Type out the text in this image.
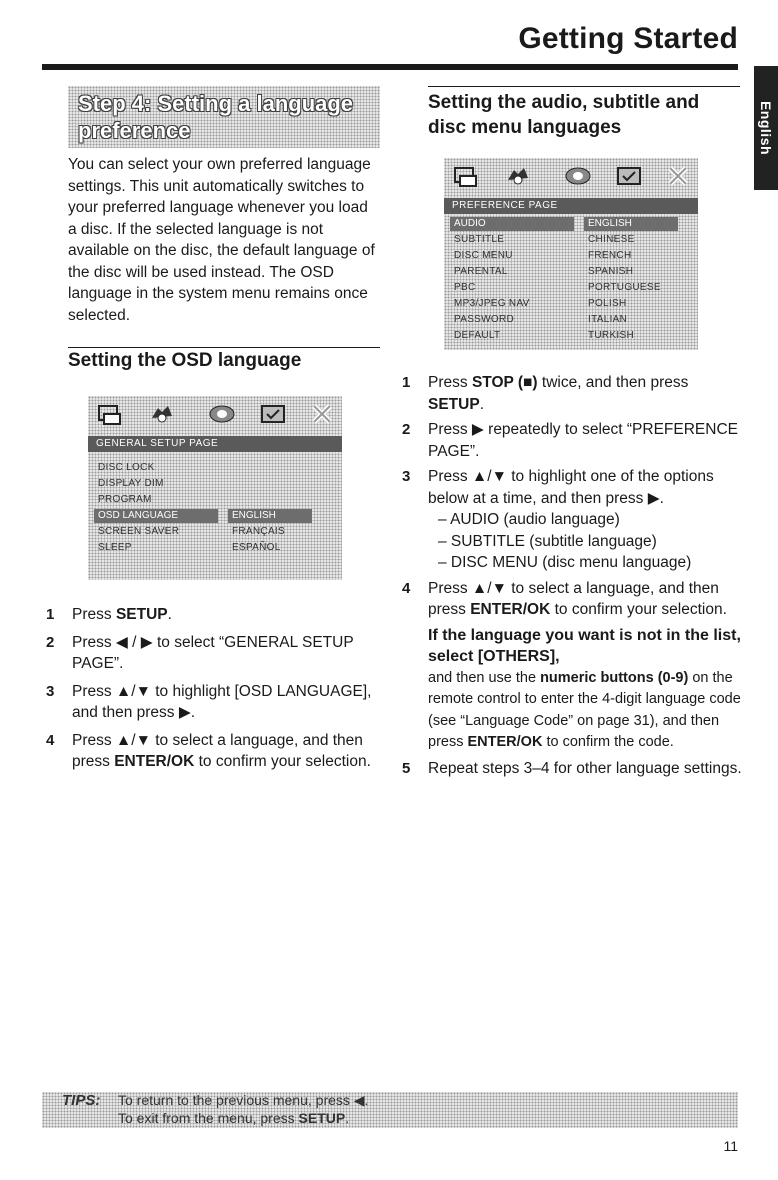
Getting Started
English
Step 4: Setting a language preference
You can select your own preferred language settings. This unit automatically switches to your preferred language whenever you load a disc. If the selected language is not available on the disc, the default language of the disc will be used instead. The OSD language in the system menu remains once selected.
Setting the OSD language
GENERAL SETUP PAGE
DISC LOCK
DISPLAY DIM
PROGRAM
OSD LANGUAGE	ENGLISH
SCREEN SAVER	FRANÇAIS
SLEEP	ESPAÑOL
1 Press SETUP.
2 Press ◀ / ▶ to select “GENERAL SETUP PAGE”.
3 Press ▲/▼ to highlight [OSD LANGUAGE], and then press ▶.
4 Press ▲/▼ to select a language, and then press ENTER/OK to confirm your selection.
Setting the audio, subtitle and disc menu languages
PREFERENCE PAGE
AUDIO	ENGLISH
SUBTITLE	CHINESE
DISC MENU	FRENCH
PARENTAL	SPANISH
PBC	PORTUGUESE
MP3/JPEG NAV	POLISH
PASSWORD	ITALIAN
DEFAULT	TURKISH
1 Press STOP (■) twice, and then press SETUP.
2 Press ▶ repeatedly to select “PREFERENCE PAGE”.
3 Press ▲/▼ to highlight one of the options below at a time, and then press ▶.
– AUDIO (audio language)
– SUBTITLE (subtitle language)
– DISC MENU (disc menu language)
4 Press ▲/▼ to select a language, and then press ENTER/OK to confirm your selection.
If the language you want is not in the list, select [OTHERS],
and then use the numeric buttons (0-9) on the remote control to enter the 4-digit language code (see “Language Code” on page 31), and then press ENTER/OK to confirm the code.
5 Repeat steps 3–4 for other language settings.
TIPS: To return to the previous menu, press ◀.
To exit from the menu, press SETUP.
11
